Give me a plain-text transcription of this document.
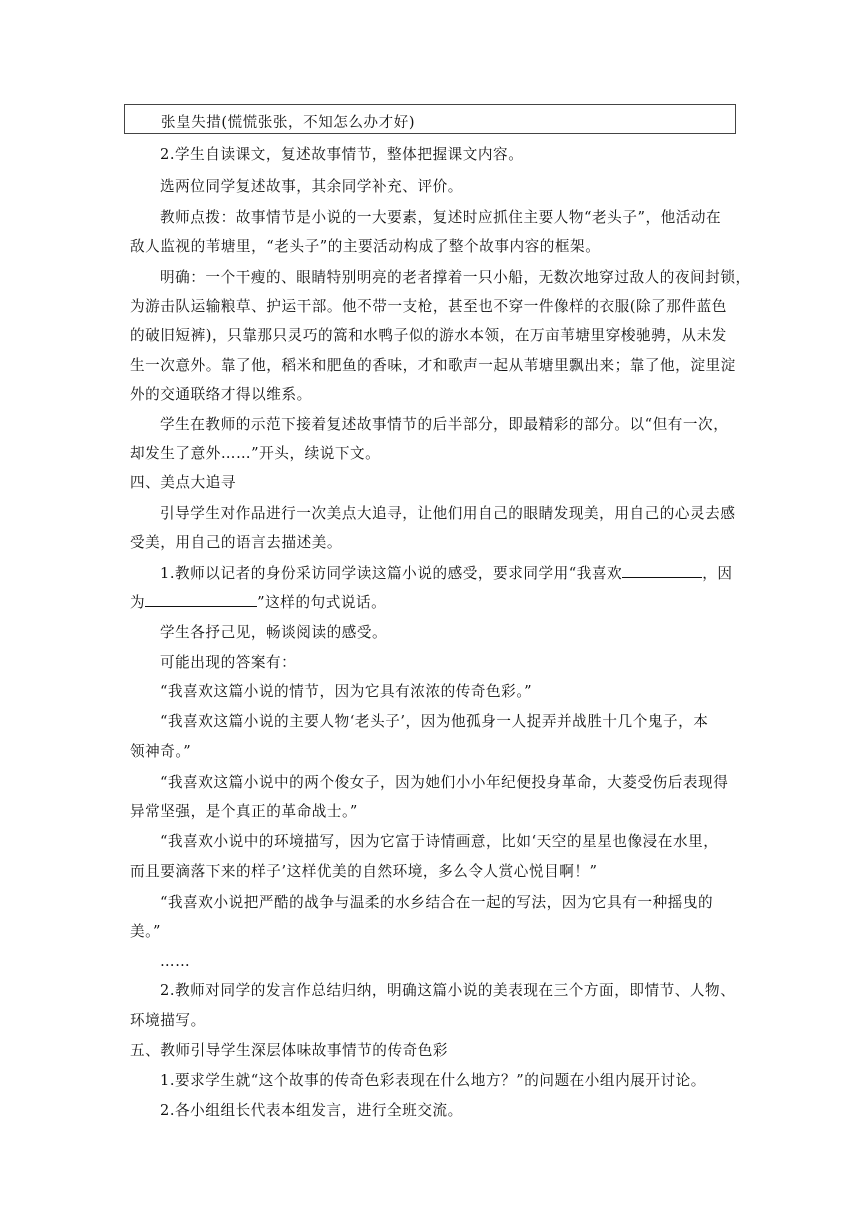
张皇失措(慌慌张张，不知怎么办才好)
2.学生自读课文，复述故事情节，整体把握课文内容。
选两位同学复述故事，其余同学补充、评价。
教师点拨：故事情节是小说的一大要素，复述时应抓住主要人物“老头子”，他活动在
敌人监视的苇塘里，“老头子”的主要活动构成了整个故事内容的框架。
明确：一个干瘦的、眼睛特别明亮的老者撑着一只小船，无数次地穿过敌人的夜间封锁，
为游击队运输粮草、护运干部。他不带一支枪，甚至也不穿一件像样的衣服(除了那件蓝色
的破旧短裤)，只靠那只灵巧的篙和水鸭子似的游水本领，在万亩苇塘里穿梭驰骋，从未发
生一次意外。靠了他，稻米和肥鱼的香味，才和歌声一起从苇塘里飘出来；靠了他，淀里淀
外的交通联络才得以维系。
学生在教师的示范下接着复述故事情节的后半部分，即最精彩的部分。以“但有一次，
却发生了意外……”开头，续说下文。
四、美点大追寻
引导学生对作品进行一次美点大追寻，让他们用自己的眼睛发现美，用自己的心灵去感
受美，用自己的语言去描述美。
1.教师以记者的身份采访同学读这篇小说的感受，要求同学用“我喜欢	，因
为	”这样的句式说话。
学生各抒己见，畅谈阅读的感受。
可能出现的答案有：
“我喜欢这篇小说的情节，因为它具有浓浓的传奇色彩。”
“我喜欢这篇小说的主要人物‘老头子’，因为他孤身一人捉弄并战胜十几个鬼子，本
领神奇。”
“我喜欢这篇小说中的两个俊女子，因为她们小小年纪便投身革命，大菱受伤后表现得
异常坚强，是个真正的革命战士。”
“我喜欢小说中的环境描写，因为它富于诗情画意，比如‘天空的星星也像浸在水里，
而且要滴落下来的样子’这样优美的自然环境，多么令人赏心悦目啊！”
“我喜欢小说把严酷的战争与温柔的水乡结合在一起的写法，因为它具有一种摇曳的
美。”
……
2.教师对同学的发言作总结归纳，明确这篇小说的美表现在三个方面，即情节、人物、
环境描写。
五、教师引导学生深层体味故事情节的传奇色彩
1.要求学生就“这个故事的传奇色彩表现在什么地方？”的问题在小组内展开讨论。
2.各小组组长代表本组发言，进行全班交流。
